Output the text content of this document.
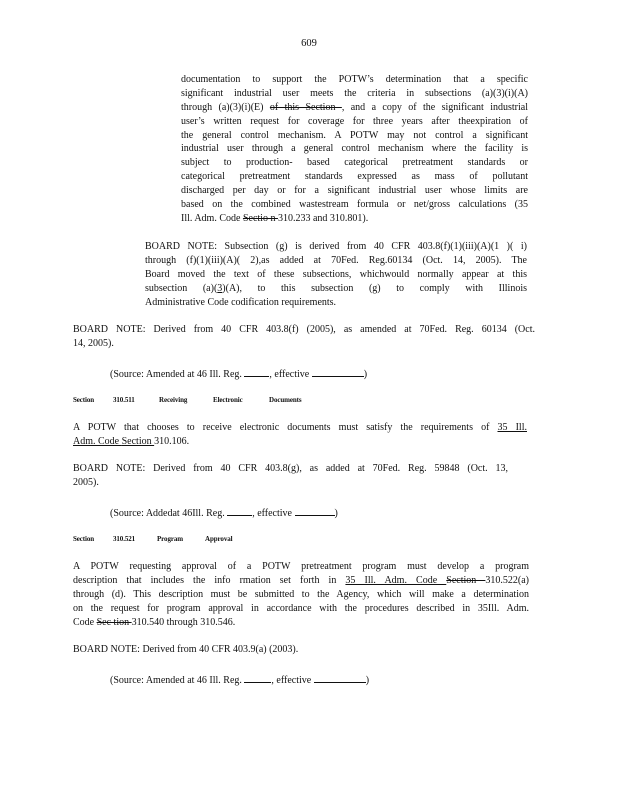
609
documentation to support the POTW’s determination that a specific
significant industrial user meets the criteria in subsections (a)(3)(i)(A)
through (a)(3)(i)(E) of this Section , and a copy of the significant industrial
user’s written request for coverage for three years after theexpiration of
the general control mechanism. A POTW may not control a significant
industrial user through a general control mechanism where the facility is
subject to production- based categorical pretreatment standards or
categorical pretreatment standards expressed as mass of pollutant
discharged per day or for a significant industrial user whose limits are
based on the combined wastestream formula or net/gross calculations (35
Ill. Adm. Code Sectio n 310.233 and 310.801).
BOARD NOTE: Subsection (g) is derived from 40 CFR 403.8(f)(1)(iii)(A)(1 )( i)
through (f)(1)(iii)(A)( 2),as added at 70Fed. Reg.60134 (Oct. 14, 2005). The
Board moved the text of these subsections, whichwould normally appear at this
subsection (a)(3)(A), to this subsection (g) to comply with Illinois
Administrative Code codification requirements.
BOARD NOTE: Derived from 40 CFR 403.8(f) (2005), as amended at 70Fed. Reg. 60134 (Oct.
14, 2005).
(Source: Amended at 46 Ill. Reg.	, effective	)
Section	310.511	Receiving	Electronic	Documents
A POTW that chooses to receive electronic documents must satisfy the requirements of 35 Ill.
Adm. Code Section 310.106.
BOARD NOTE: Derived from 40 CFR 403.8(g), as added at 70Fed. Reg. 59848 (Oct. 13,
2005).
(Source: Addedat 46Ill. Reg.	, effective	)
Section	310.521	Program	Approval
A POTW requesting approval of a POTW pretreatment program must develop a program
description that includes the info rmation set forth in 35 Ill. Adm. Code Section 310.522(a)
through (d). This description must be submitted to the Agency, which will make a determination
on the request for program approval in accordance with the procedures described in 35Ill. Adm.
Code Sec tion 310.540 through 310.546.
BOARD NOTE: Derived from 40 CFR 403.9(a) (2003).
(Source: Amended at 46 Ill. Reg.	, effective	)
